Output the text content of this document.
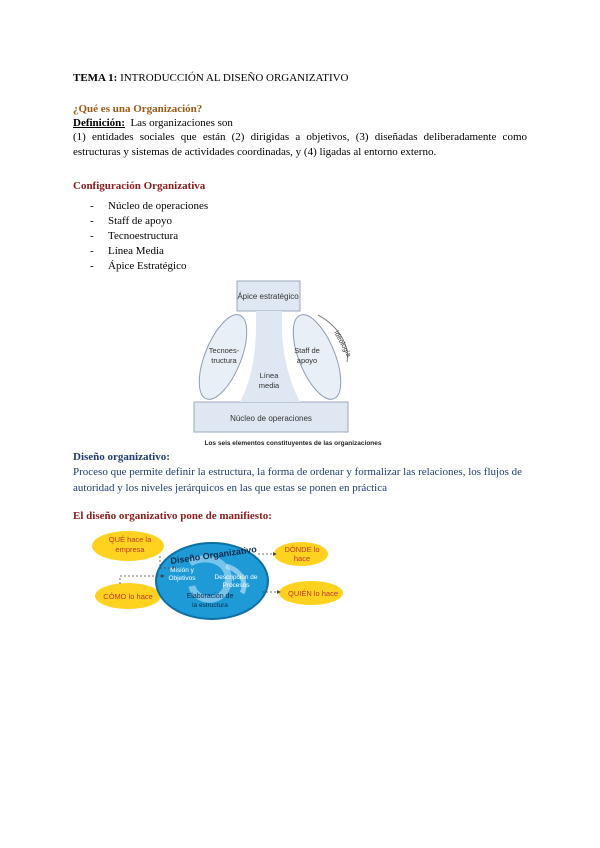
TEMA 1: INTRODUCCIÓN AL DISEÑO ORGANIZATIVO
¿Qué es una Organización?
Definición: Las organizaciones son
(1) entidades sociales que están (2) dirigidas a objetivos, (3) diseñadas deliberadamente como estructuras y sistemas de actividades coordinadas, y (4) ligadas al entorno externo.
Configuración Organizativa
- Núcleo de operaciones
- Staff de apoyo
- Tecnoestructura
- Línea Media
- Ápice Estratégico
Ápice estratégico
Tecnoes-
tructura
Staff de
apoyo
Ideología
Línea
media
Núcleo de operaciones
Los seis elementos constituyentes de las organizaciones
Diseño organizativo:
Proceso que permite definir la estructura, la forma de ordenar y formalizar las relaciones, los flujos de autoridad y los niveles jerárquicos en las que estas se ponen en práctica
El diseño organizativo pone de manifiesto:
QUÉ hace la
empresa	DÓNDE lo
hace
CÓMO lo hace	QUIÉN lo hace
Diseño Organizativo
Misión y
Objetivos	Descripción de
Procesos
Elaboración de
la estructura
